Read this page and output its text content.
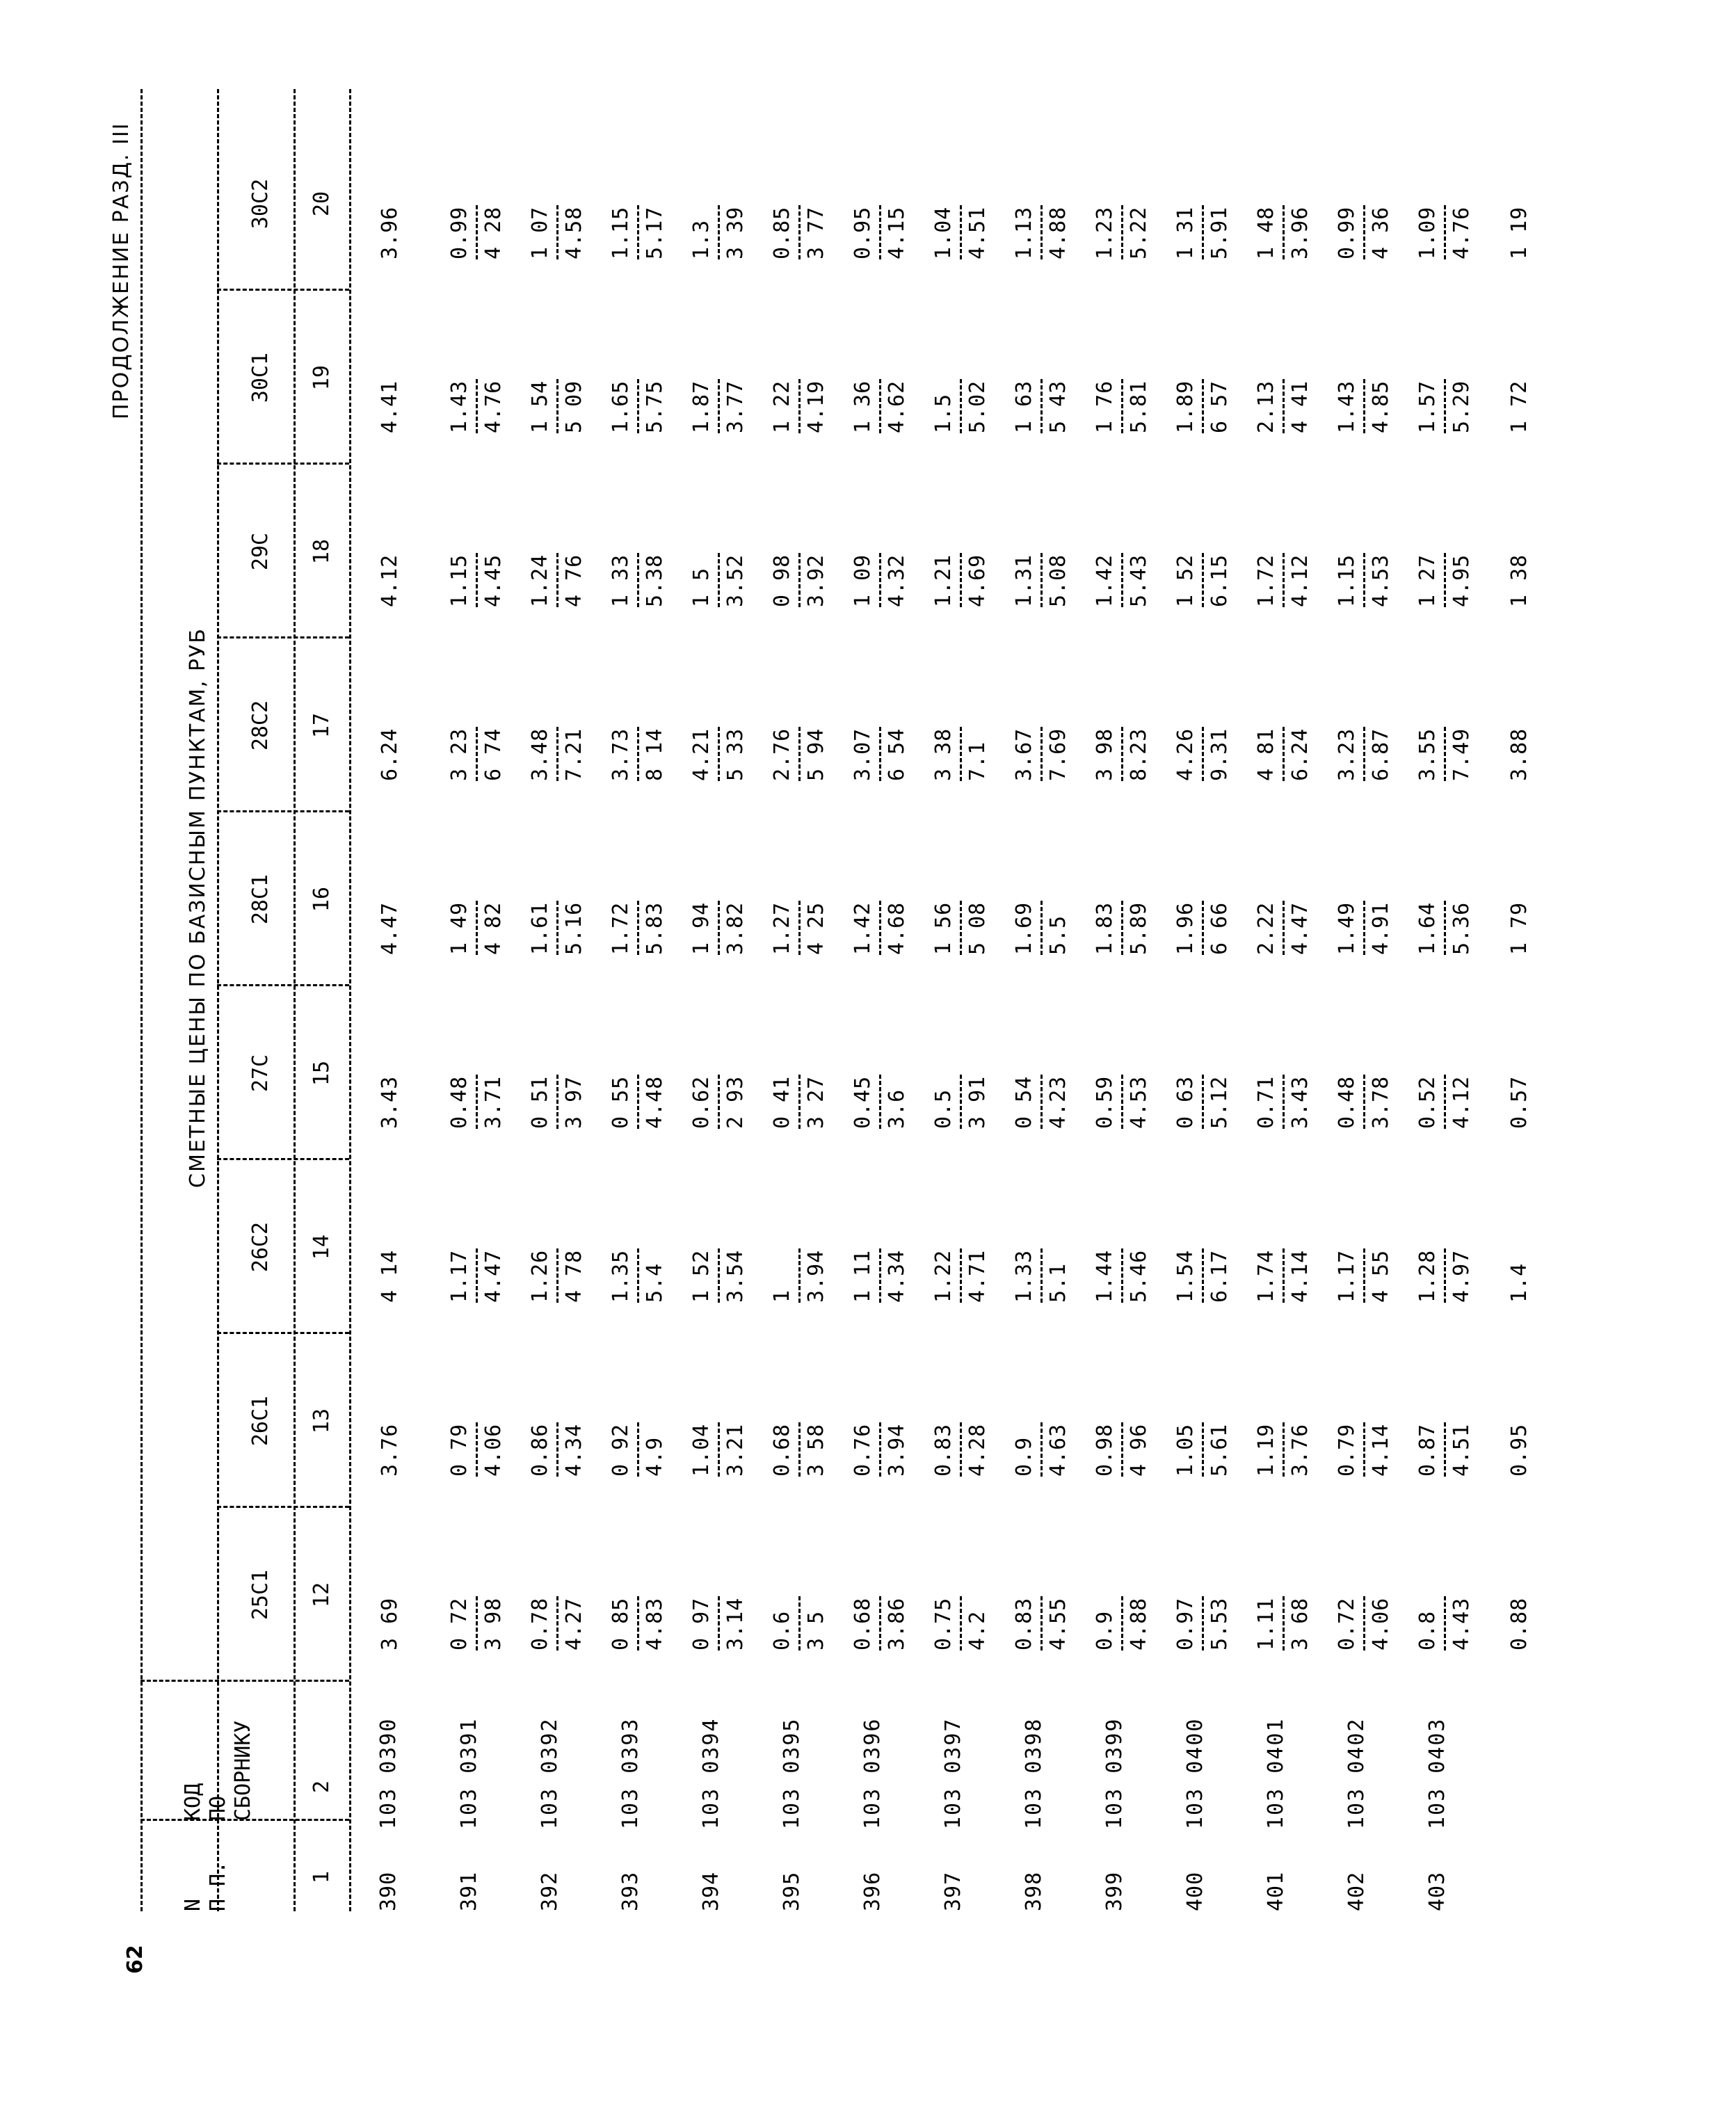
62
ПРОДОЛЖЕНИЕ РАЗД. III
N
П П.
КОД
ПО
СБОРНИКУ
СМЕТНЫЕ ЦЕНЫ ПО БАЗИСНЫМ ПУНКТАМ, РУБ
25С1
26С1
26С2
27С
28С1
28С2
29С
30С1
30С2
1
2
12
13
14
15
16
17
18
19
20
390
103 0390
3 69
3.76
4 14
3.43
4.47
6.24
4.12
4.41
3.96
391
103 0391
0 72 3 98
0 79 4.06
1.17 4.47
0.48 3.71
1 49 4 82
3 23 6 74
1.15 4.45
1.43 4.76
0.99 4 28
392
103 0392
0.78 4.27
0.86 4.34
1.26 4 78
0 51 3 97
1.61 5.16
3.48 7.21
1.24 4 76
1 54 5 09
1 07 4.58
393
103 0393
0 85 4.83
0 92 4.9
1.35 5.4
0 55 4.48
1.72 5.83
3.73 8 14
1 33 5.38
1.65 5.75
1.15 5.17
394
103 0394
0 97 3.14
1.04 3.21
1 52 3.54
0.62 2 93
1 94 3.82
4.21 5 33
1 5 3.52
1.87 3.77
1.3 3 39
395
103 0395
0.6 3 5
0.68 3 58
1 3.94
0 41 3 27
1.27 4 25
2.76 5 94
0 98 3.92
1 22 4.19
0.85 3 77
396
103 0396
0.68 3.86
0.76 3.94
1 11 4.34
0.45 3.6
1.42 4.68
3.07 6 54
1 09 4.32
1 36 4.62
0.95 4.15
397
103 0397
0.75 4.2
0.83 4.28
1.22 4.71
0.5 3 91
1 56 5 08
3 38 7.1
1.21 4.69
1.5 5.02
1.04 4.51
398
103 0398
0.83 4.55
0.9 4.63
1.33 5.1
0 54 4.23
1.69 5.5
3.67 7.69
1.31 5.08
1 63 5 43
1.13 4.88
399
103 0399
0.9 4.88
0.98 4 96
1.44 5.46
0.59 4.53
1.83 5.89
3 98 8.23
1.42 5.43
1 76 5.81
1.23 5.22
400
103 0400
0.97 5.53
1.05 5.61
1.54 6.17
0 63 5.12
1.96 6 66
4.26 9.31
1 52 6.15
1.89 6 57
1 31 5.91
401
103 0401
1.11 3 68
1.19 3.76
1.74 4.14
0.71 3.43
2.22 4.47
4 81 6.24
1.72 4.12
2.13 4 41
1 48 3.96
402
103 0402
0.72 4.06
0.79 4.14
1.17 4 55
0.48 3.78
1.49 4.91
3.23 6.87
1.15 4.53
1.43 4.85
0.99 4 36
403
103 0403
0.8 4.43
0.87 4.51
1.28 4.97
0.52 4.12
1.64 5.36
3.55 7.49
1 27 4.95
1.57 5.29
1.09 4.76
0.88
0.95
1.4
0.57
1 79
3.88
1 38
1 72
1 19
